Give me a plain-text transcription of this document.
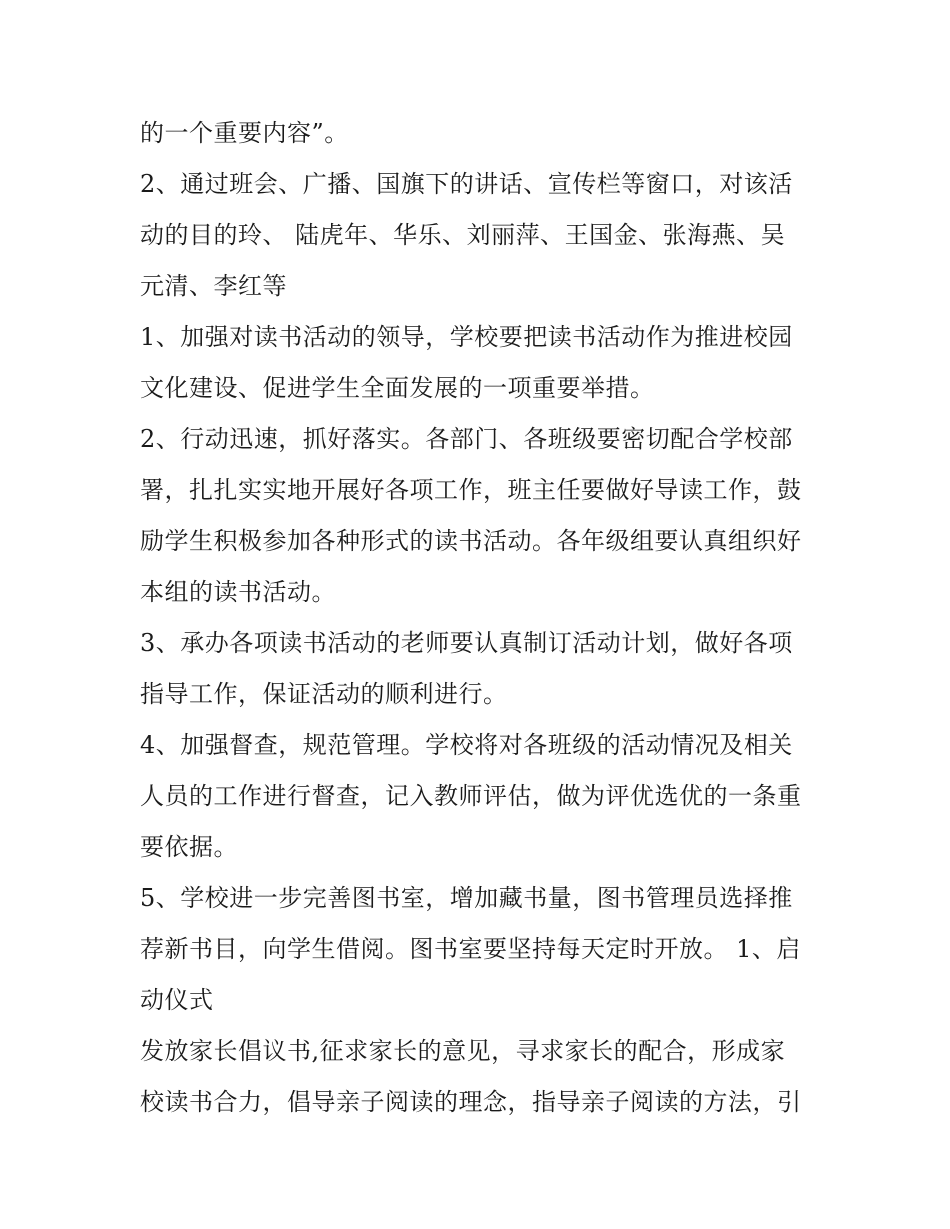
的一个重要内容”。
2、通过班会、广播、国旗下的讲话、宣传栏等窗口，对该活
动的目的玲、 陆虎年、华乐、刘丽萍、王国金、张海燕、吴
元清、李红等
1、加强对读书活动的领导，学校要把读书活动作为推进校园
文化建设、促进学生全面发展的一项重要举措。
2、行动迅速，抓好落实。各部门、各班级要密切配合学校部
署，扎扎实实地开展好各项工作，班主任要做好导读工作，鼓
励学生积极参加各种形式的读书活动。各年级组要认真组织好
本组的读书活动。
3、承办各项读书活动的老师要认真制订活动计划，做好各项
指导工作，保证活动的顺利进行。
4、加强督查，规范管理。学校将对各班级的活动情况及相关
人员的工作进行督查，记入教师评估，做为评优选优的一条重
要依据。
5、学校进一步完善图书室，增加藏书量，图书管理员选择推
荐新书目，向学生借阅。图书室要坚持每天定时开放。 1、启
动仪式
发放家长倡议书,征求家长的意见，寻求家长的配合，形成家
校读书合力，倡导亲子阅读的理念，指导亲子阅读的方法，引
